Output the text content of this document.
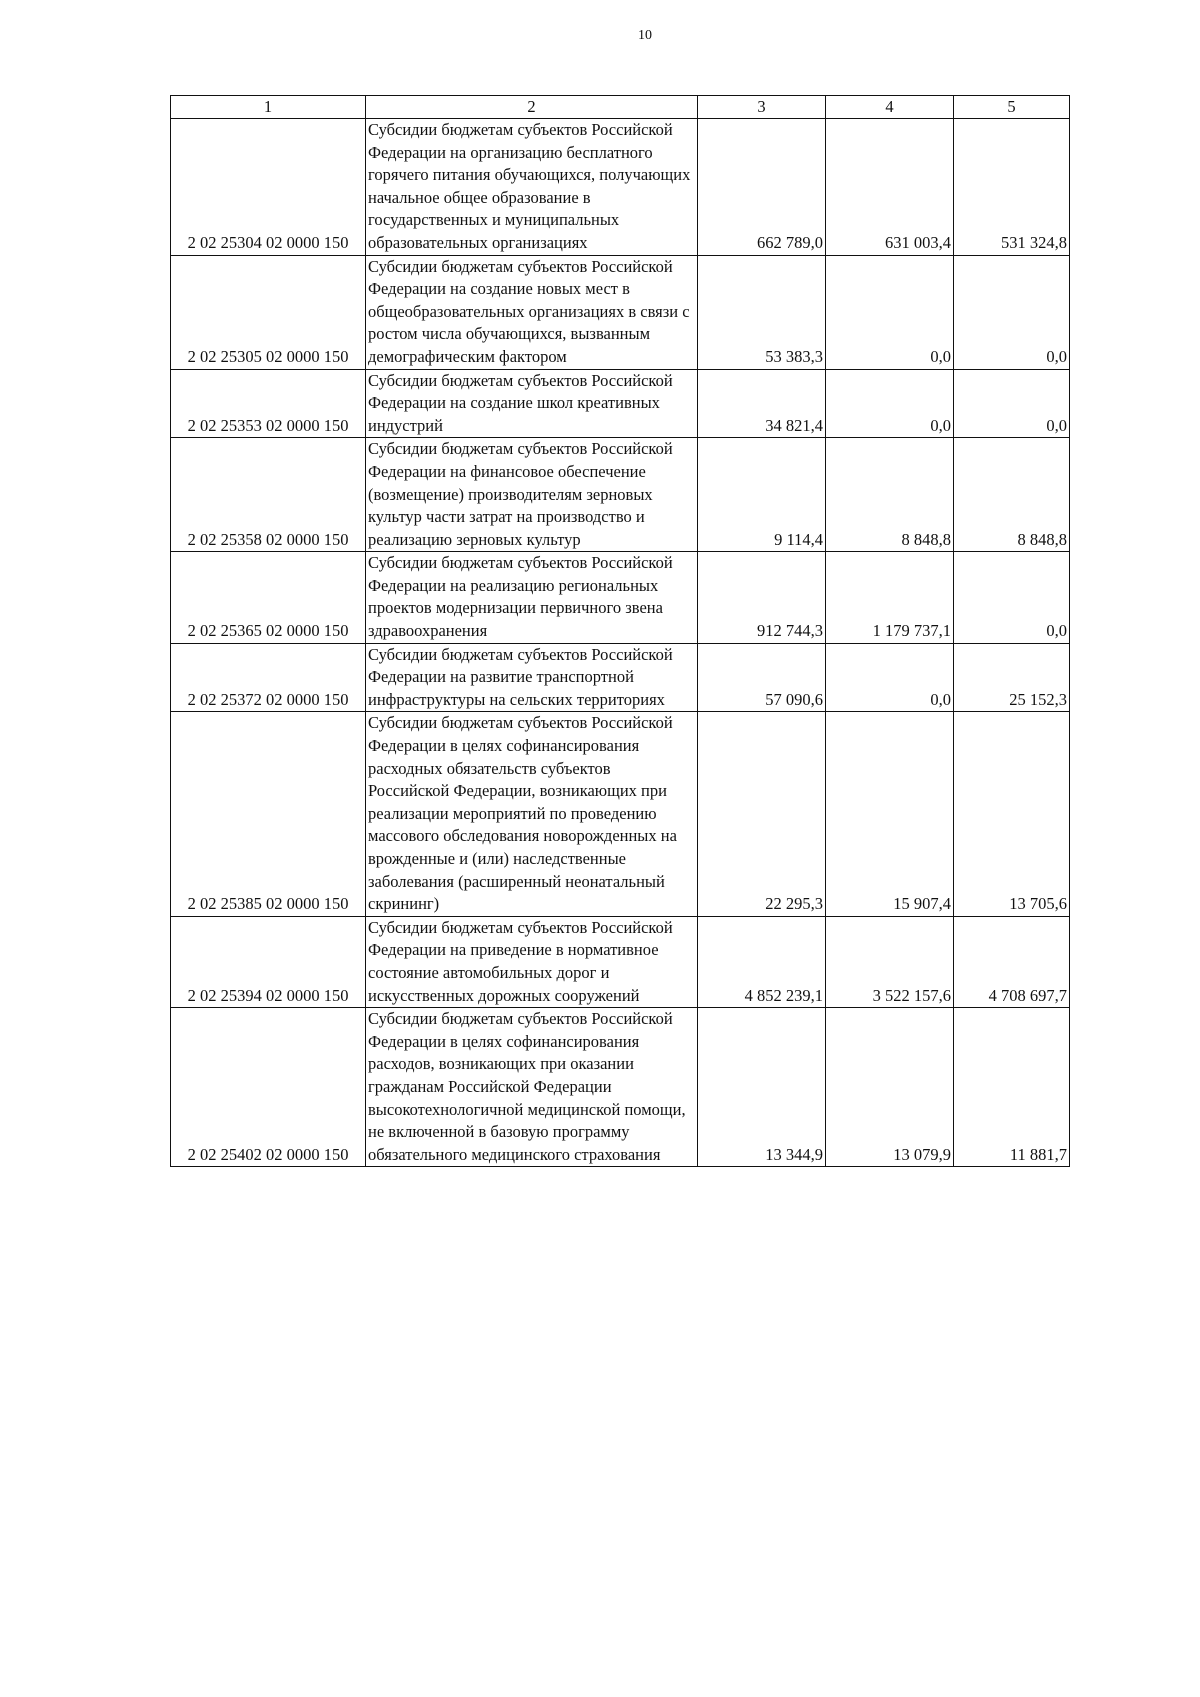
10
1	2	3	4	5
2 02 25304 02 0000 150	Субсидии бюджетам субъектов Российской Федерации на организацию бесплатного горячего питания обучающихся, получающих начальное общее образование в государственных и муниципальных образовательных организациях	662 789,0	631 003,4	531 324,8
2 02 25305 02 0000 150	Субсидии бюджетам субъектов Российской Федерации на создание новых мест в общеобразовательных организациях в связи с ростом числа обучающихся, вызванным демографическим фактором	53 383,3	0,0	0,0
2 02 25353 02 0000 150	Субсидии бюджетам субъектов Российской Федерации на создание школ креативных индустрий	34 821,4	0,0	0,0
2 02 25358 02 0000 150	Субсидии бюджетам субъектов Российской Федерации на финансовое обеспечение (возмещение) производителям зерновых культур части затрат на производство и реализацию зерновых культур	9 114,4	8 848,8	8 848,8
2 02 25365 02 0000 150	Субсидии бюджетам субъектов Российской Федерации на реализацию региональных проектов модернизации первичного звена здравоохранения	912 744,3	1 179 737,1	0,0
2 02 25372 02 0000 150	Субсидии бюджетам субъектов Российской Федерации на развитие транспортной инфраструктуры на сельских территориях	57 090,6	0,0	25 152,3
2 02 25385 02 0000 150	Субсидии бюджетам субъектов Российской Федерации в целях софинансирования расходных обязательств субъектов Российской Федерации, возникающих при реализации мероприятий по проведению массового обследования новорожденных на врожденные и (или) наследственные заболевания (расширенный неонатальный скрининг)	22 295,3	15 907,4	13 705,6
2 02 25394 02 0000 150	Субсидии бюджетам субъектов Российской Федерации на приведение в нормативное состояние автомобильных дорог и искусственных дорожных сооружений	4 852 239,1	3 522 157,6	4 708 697,7
2 02 25402 02 0000 150	Субсидии бюджетам субъектов Российской Федерации в целях софинансирования расходов, возникающих при оказании гражданам Российской Федерации высокотехнологичной медицинской помощи, не включенной в базовую программу обязательного медицинского страхования	13 344,9	13 079,9	11 881,7
